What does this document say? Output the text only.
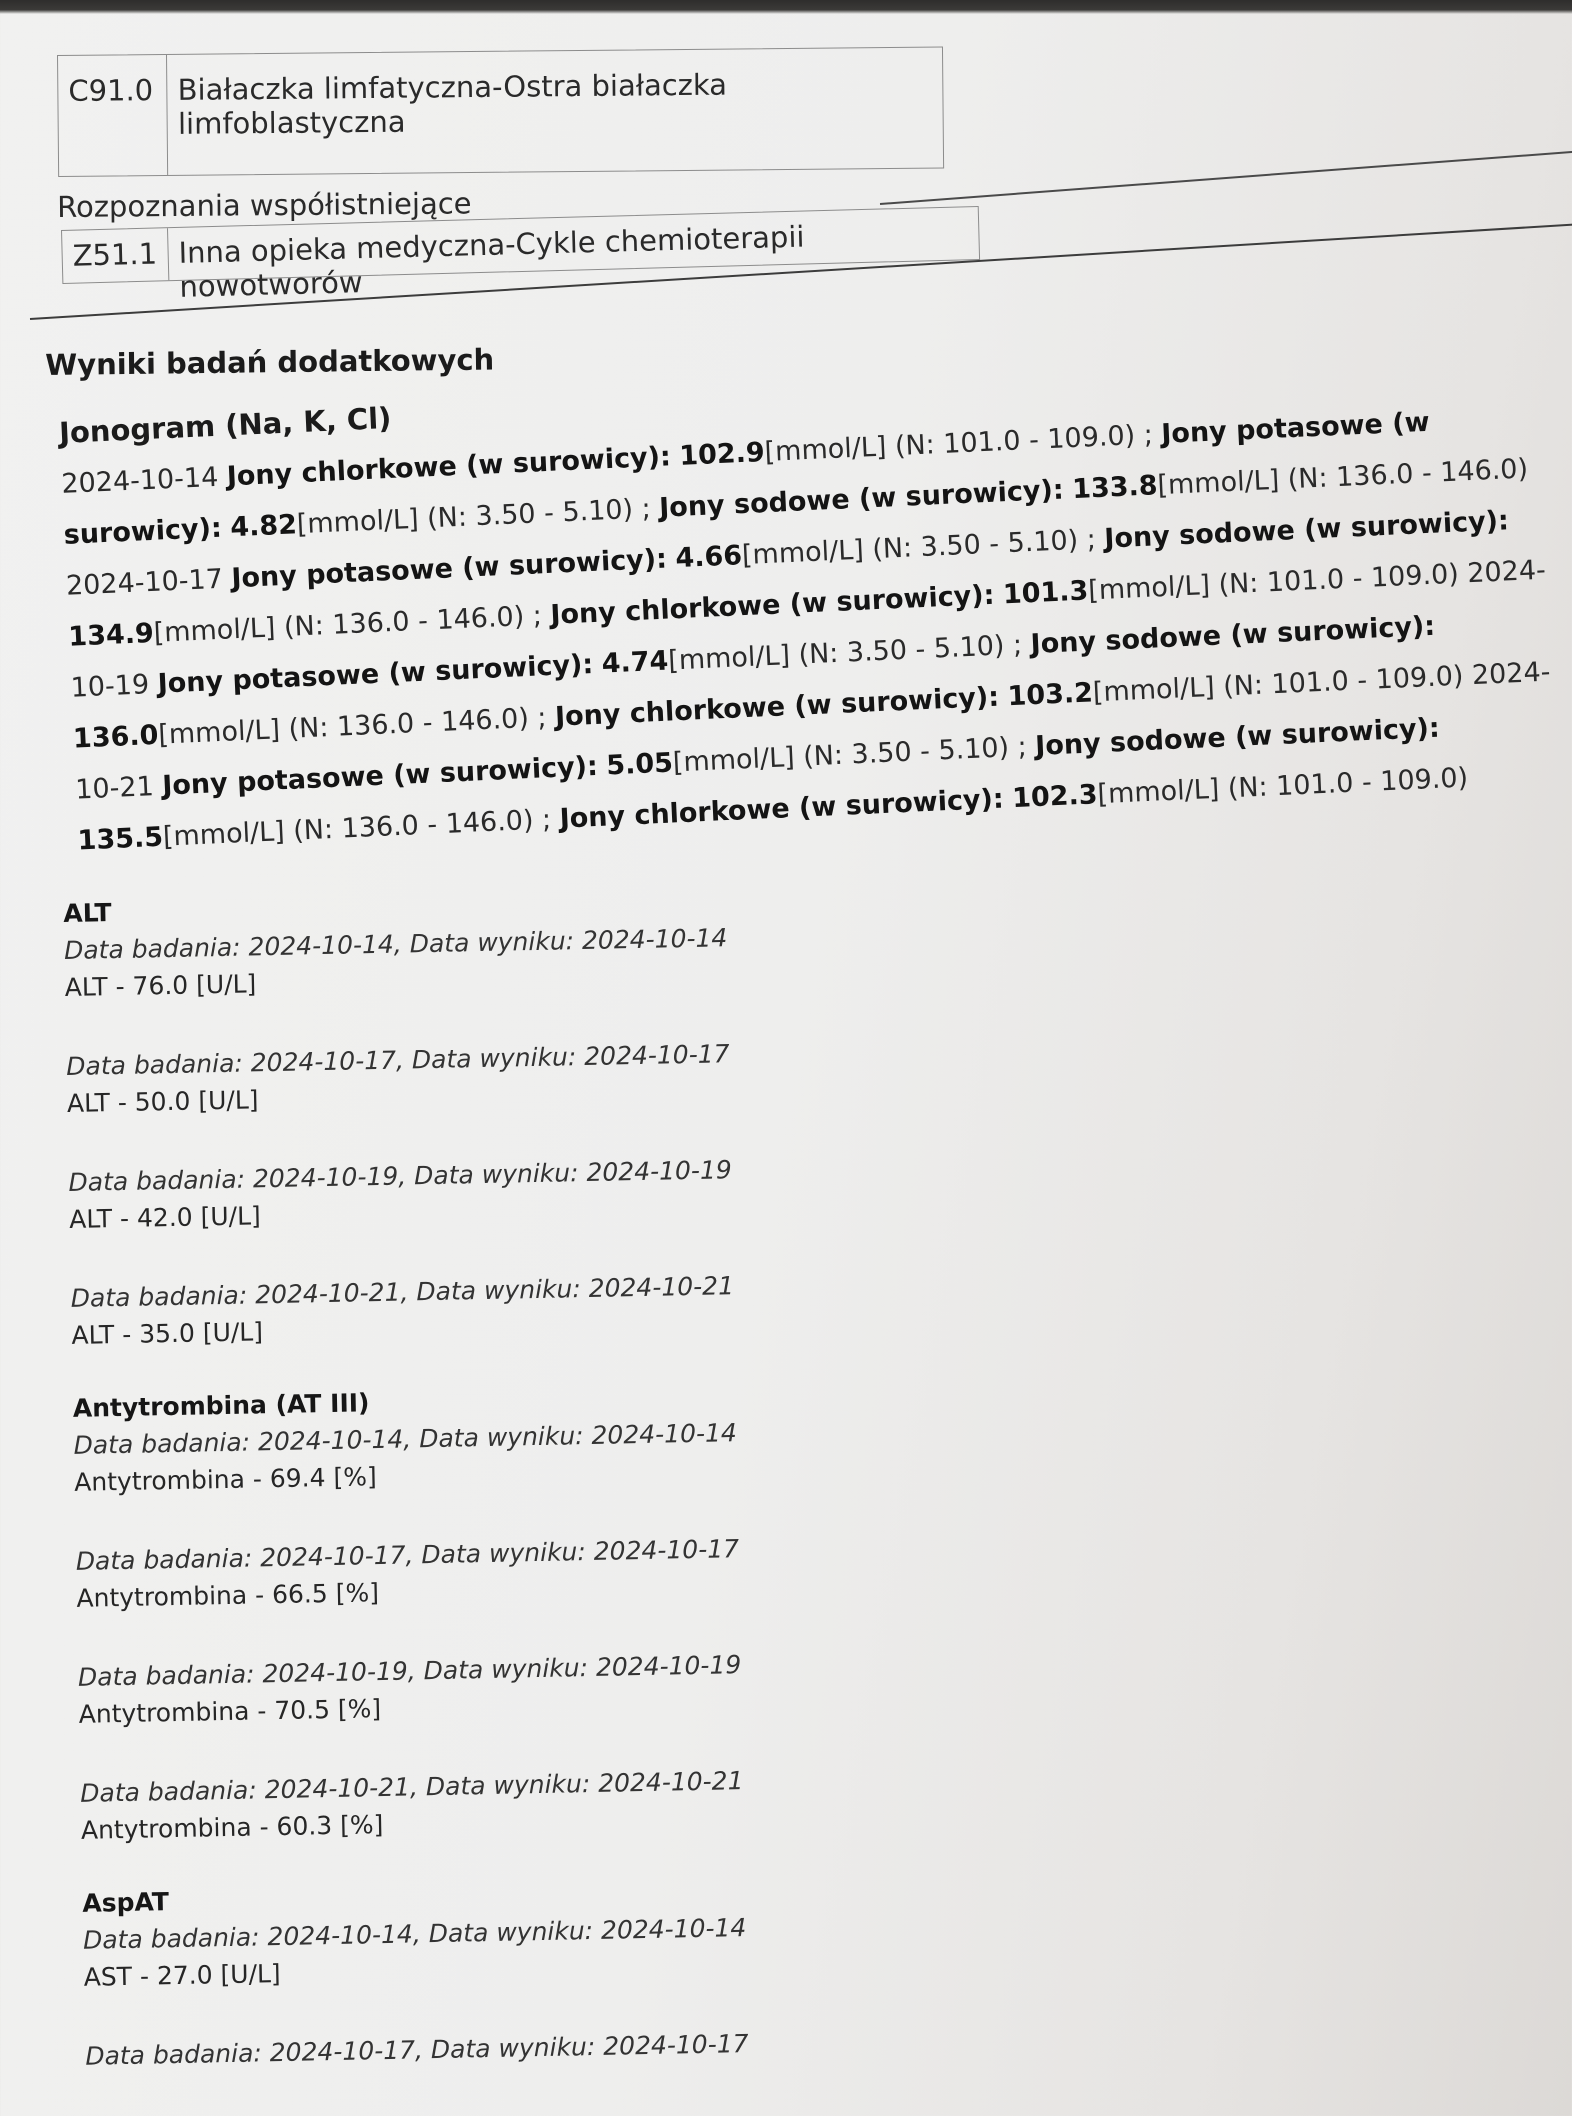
C91.0 Białaczka limfatyczna-Ostra białaczka limfoblastyczna
Rozpoznania współistniejące
Z51.1 Inna opieka medyczna-Cykle chemioterapii nowotworów
Wyniki badań dodatkowych
Jonogram (Na, K, Cl)
2024-10-14 Jony chlorkowe (w surowicy): 102.9[mmol/L] (N: 101.0 - 109.0) ; Jony potasowe (w surowicy): 4.82[mmol/L] (N: 3.50 - 5.10) ; Jony sodowe (w surowicy): 133.8[mmol/L] (N: 136.0 - 146.0) 2024-10-17 Jony potasowe (w surowicy): 4.66[mmol/L] (N: 3.50 - 5.10) ; Jony sodowe (w surowicy): 134.9[mmol/L] (N: 136.0 - 146.0) ; Jony chlorkowe (w surowicy): 101.3[mmol/L] (N: 101.0 - 109.0) 2024-10-19 Jony potasowe (w surowicy): 4.74[mmol/L] (N: 3.50 - 5.10) ; Jony sodowe (w surowicy): 136.0[mmol/L] (N: 136.0 - 146.0) ; Jony chlorkowe (w surowicy): 103.2[mmol/L] (N: 101.0 - 109.0) 2024-10-21 Jony potasowe (w surowicy): 5.05[mmol/L] (N: 3.50 - 5.10) ; Jony sodowe (w surowicy): 135.5[mmol/L] (N: 136.0 - 146.0) ; Jony chlorkowe (w surowicy): 102.3[mmol/L] (N: 101.0 - 109.0)
ALT
Data badania: 2024-10-14, Data wyniku: 2024-10-14
ALT - 76.0 [U/L]
Data badania: 2024-10-17, Data wyniku: 2024-10-17
ALT - 50.0 [U/L]
Data badania: 2024-10-19, Data wyniku: 2024-10-19
ALT - 42.0 [U/L]
Data badania: 2024-10-21, Data wyniku: 2024-10-21
ALT - 35.0 [U/L]
Antytrombina (AT III)
Data badania: 2024-10-14, Data wyniku: 2024-10-14
Antytrombina - 69.4 [%]
Data badania: 2024-10-17, Data wyniku: 2024-10-17
Antytrombina - 66.5 [%]
Data badania: 2024-10-19, Data wyniku: 2024-10-19
Antytrombina - 70.5 [%]
Data badania: 2024-10-21, Data wyniku: 2024-10-21
Antytrombina - 60.3 [%]
AspAT
Data badania: 2024-10-14, Data wyniku: 2024-10-14
AST - 27.0 [U/L]
Data badania: 2024-10-17, Data wyniku: 2024-10-17
